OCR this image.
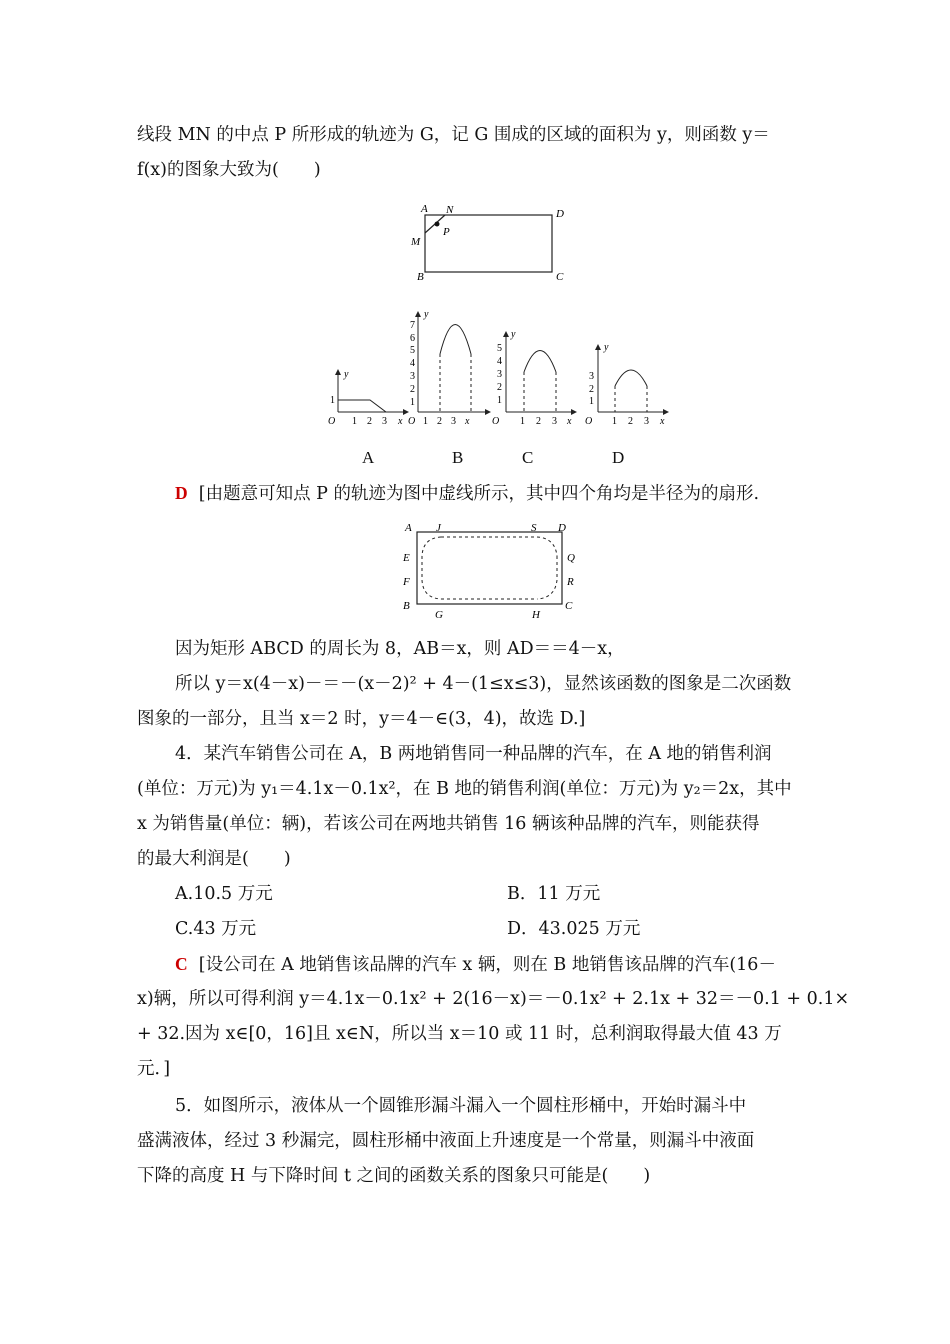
线段 MN 的中点 P 所形成的轨迹为 G，记 G 围成的区域的面积为 y，则函数 y＝
f(x)的图象大致为(　　)
A N	D
M
P
B	C
y
1
O 1 2 3 x
y
7
6
5
4
3
2
1
O 1 2 3 x
y
5
4
3
2
1
O 1 2 3 x
y
3
2
1
O 1 2 3 x
A	B	C	D
D [由题意可知点 P 的轨迹为图中虚线所示，其中四个角均是半径为的扇形.
A J	S D
E	Q
F	R
B
G	H
C
因为矩形 ABCD 的周长为 8，AB＝x，则 AD＝＝4－x，
所以 y＝x(4－x)－＝－(x－2)² + 4－(1≤x≤3)，显然该函数的图象是二次函数
图象的一部分，且当 x＝2 时，y＝4－∈(3，4)，故选 D.]
4．某汽车销售公司在 A，B 两地销售同一种品牌的汽车，在 A 地的销售利润
(单位：万元)为 y₁＝4.1x－0.1x²，在 B 地的销售利润(单位：万元)为 y₂＝2x，其中
x 为销售量(单位：辆)，若该公司在两地共销售 16 辆该种品牌的汽车，则能获得
的最大利润是(　　)
A.10.5 万元	B．11 万元
C.43 万元	D．43.025 万元
C [设公司在 A 地销售该品牌的汽车 x 辆，则在 B 地销售该品牌的汽车(16－
x)辆，所以可得利润 y＝4.1x－0.1x² + 2(16－x)＝－0.1x² + 2.1x + 32＝－0.1 + 0.1×
+ 32.因为 x∈[0，16]且 x∈N，所以当 x＝10 或 11 时，总利润取得最大值 43 万
元．]
5．如图所示，液体从一个圆锥形漏斗漏入一个圆柱形桶中，开始时漏斗中
盛满液体，经过 3 秒漏完，圆柱形桶中液面上升速度是一个常量，则漏斗中液面
下降的高度 H 与下降时间 t 之间的函数关系的图象只可能是(　　)
